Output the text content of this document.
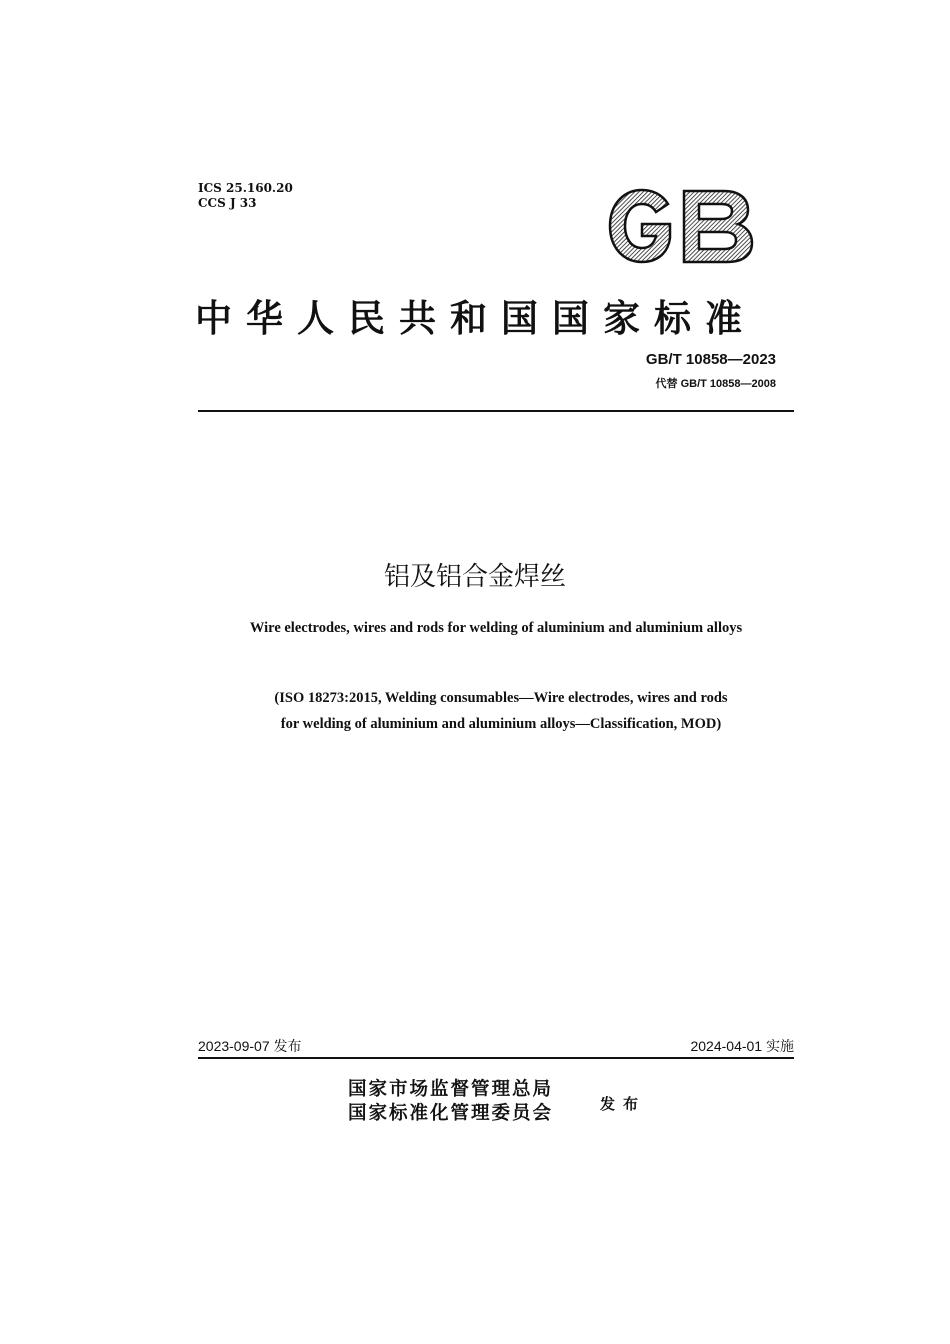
ICS 25.160.20
CCS J 33
GB
中华人民共和国国家标准
GB/T 10858—2023
代替 GB/T 10858—2008
铝及铝合金焊丝
Wire electrodes, wires and rods for welding of aluminium and aluminium alloys
(ISO 18273:2015, Welding consumables—Wire electrodes, wires and rods
for welding of aluminium and aluminium alloys—Classification, MOD)
2023-09-07 发布	2024-04-01 实施
国家市场监督管理总局
国家标准化管理委员会	发布
